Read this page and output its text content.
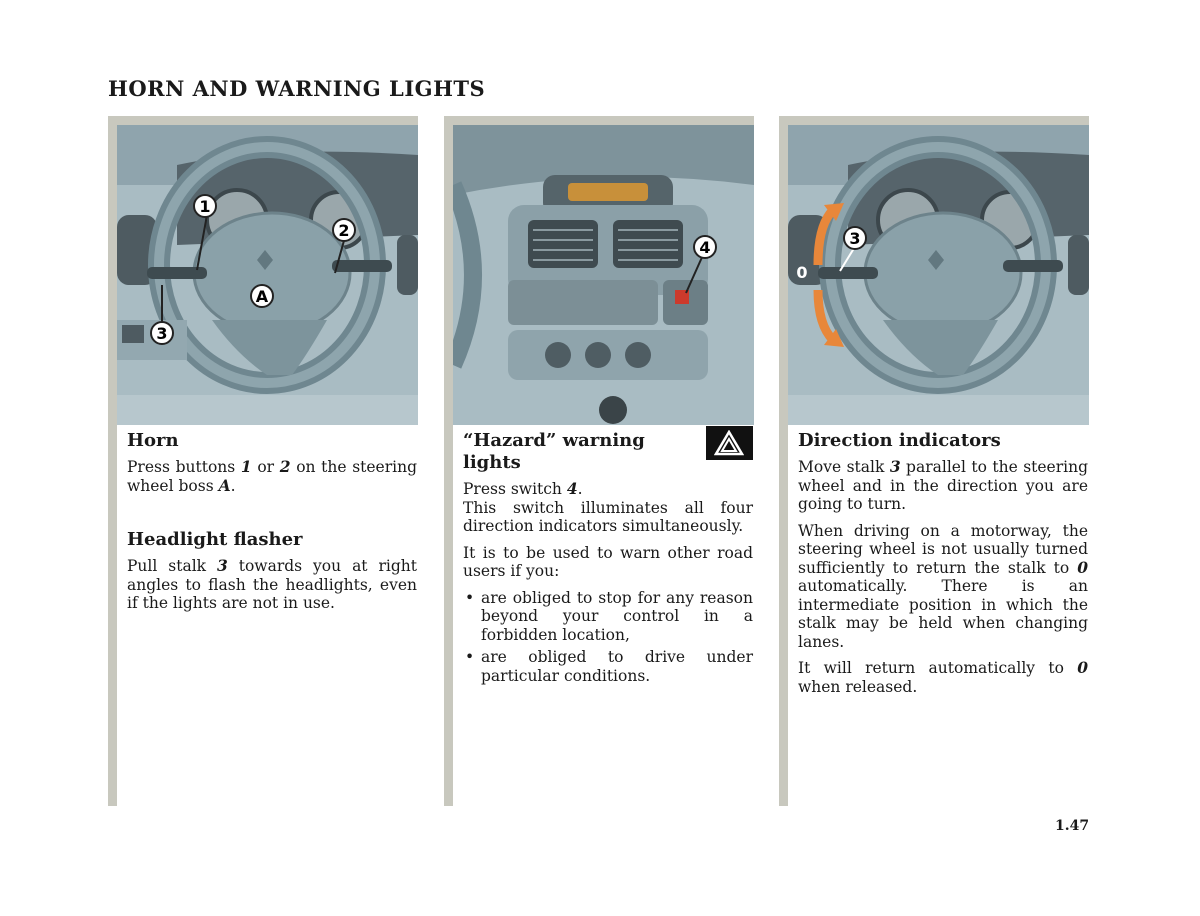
HORN AND WARNING LIGHTS
1
2
3
A
Horn
Press buttons 1 or 2 on the steering wheel boss A.
Headlight flasher
Pull stalk 3 towards you at right angles to flash the headlights, even if the lights are not in use.
4
“Hazard” warning lights
Press switch 4.
This switch illuminates all four direction indicators simultaneously.
It is to be used to warn other road users if you:
• are obliged to stop for any reason beyond your control in a forbidden location,
• are obliged to drive under particular conditions.
3
0
Direction indicators
Move stalk 3 parallel to the steering wheel and in the direction you are going to turn.
When driving on a motorway, the steering wheel is not usually turned sufficiently to return the stalk to 0 automatically. There is an intermediate position in which the stalk may be held when changing lanes.
It will return automatically to 0 when released.
1.47
